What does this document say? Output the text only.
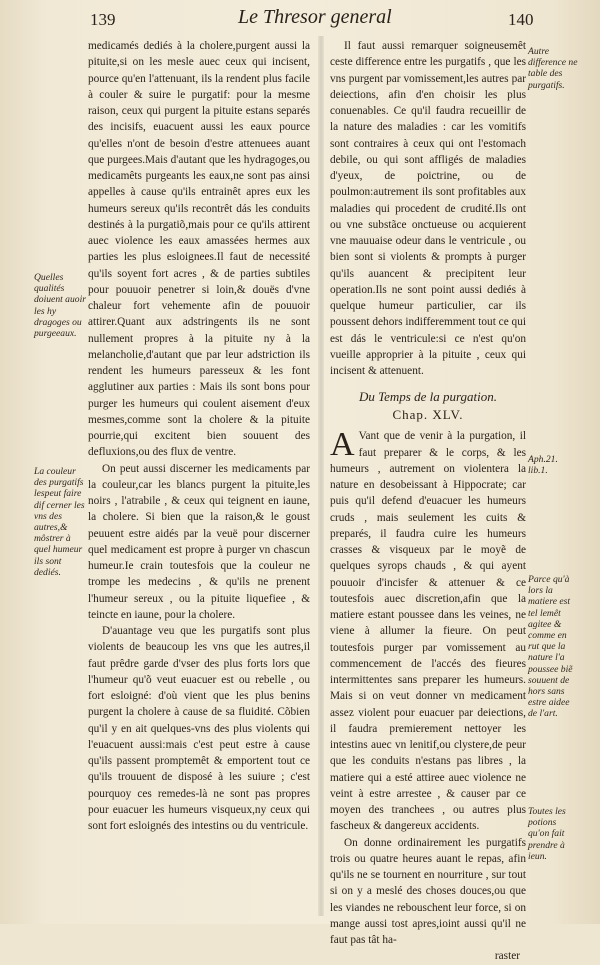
139	Le Thresor general	140

medicamés dediés à la cholere,purgent aussi la pituite,si on les mesle auec ceux qui incisent, pource qu'en l'attenuant, ils la rendent plus facile à couler & suire le purgatif: pour la mesme raison, ceux qui purgent la pituite estans separés des incisifs, euacuent aussi les eaux pource qu'elles n'ont de besoin d'estre attenuees auant que purgees.Mais d'autant que les hydragoges,ou medicamêts purgeants les eaux,ne sont pas ainsi appelles à cause qu'ils entrainêt apres eux les humeurs sereux qu'ils recontrêt dás les conduits destinés à la purgatiõ,mais pour ce qu'ils attirent auec violence les eaux amassées hermes aux parties les plus esloignees.Il faut de necessité qu'ils soyent fort acres , & de parties subtiles pour pouuoir penetrer si loin,& douës d'vne chaleur fort vehemente afin de pouuoir attirer.Quant aux adstringents ils ne sont nullement propres à la pituite ny à la melancholie,d'autant que par leur adstriction ils rendent les humeurs paresseux & les font agglutiner aux parties : Mais ils sont bons pour purger les humeurs qui coulent aisement d'eux mesmes,comme sont la cholere & la pituite pourrie,qui excitent bien souuent des defluxions,ou des flux de ventre.

On peut aussi discerner les medicaments par la couleur,car les blancs purgent la pituite,les noirs , l'atrabile , & ceux qui teignent en iaune, la cholere. Si bien que la raison,& le goust peuuent estre aidés par la veuë pour discerner quel medicament est propre à purger vn chascun humeur.Ie crain toutesfois que la couleur ne trompe les medecins , & qu'ils ne prenent l'humeur sereux , ou la pituite liquefiee , & teincte en iaune, pour la cholere.

D'auantage veu que les purgatifs sont plus violents de beaucoup les vns que les autres,il faut prêdre garde d'vser des plus forts lors que l'humeur qu'õ veut euacuer est ou rebelle , ou fort esloigné: d'où vient que les plus benins purgent la cholere à cause de sa fluidité. Cõbien qu'il y en ait quelques-vns des plus violents qui l'euacuent aussi:mais c'est peut estre à cause qu'ils passent promptemêt & emportent tout ce qu'ils trouuent de disposé à les suiure ; c'est pourquoy ces remedes-là ne sont pas propres pour euacuer les humeurs visqueux,ny ceux qui sont fort esloignés des intestins ou du ventricule.

Il faut aussi remarquer soigneusemêt ceste difference entre les purgatifs , que les vns purgent par vomissement,les autres par deiections, afin d'en choisir les plus conuenables. Ce qu'il faudra recueillir de la nature des maladies : car les vomitifs sont contraires à ceux qui ont l'estomach debile, ou qui sont affligés de maladies d'yeux, de poictrine, ou de poulmon:autrement ils sont profitables aux maladies qui procedent de crudité.Ils ont ou vne substãce onctueuse ou acquierent vne mauuaise odeur dans le ventricule , ou bien sont si violents & prompts à purger qu'ils auancent & precipitent leur operation.Ils ne sont point aussi dediés à quelque humeur particulier, car ils poussent dehors indifferemment tout ce qui est dás le ventricule:si ce n'est qu'on vueille approprier à la pituite , ceux qui incisent & attenuent.

Du Temps de la purgation.
Chap. XLV.

A Vant que de venir à la purgation, il faut preparer & le corps, & les humeurs , autrement on violentera la nature en desobeissant à Hippocrate; car puis qu'il defend d'euacuer les humeurs cruds , mais seulement les cuits & preparés, il faudra cuire les humeurs crasses & visqueux par le moyẽ de quelques syrops chauds , & qui ayent pouuoir d'incisfer & attenuer & ce toutesfois auec discretion,afin que la matiere estant poussee dans les veines, ne viene à allumer la fieure. On peut toutesfois purger par vomissement au commencement de l'accés des fieures intermittentes sans preparer les humeurs. Mais si on veut donner vn medicament assez violent pour euacuer par deiections, il faudra premierement nettoyer les intestins auec vn lenitif,ou clystere,de peur que les conduits n'estans pas libres , la matiere qui a esté attiree auec violence ne veint à estre arrestee , & causer par ce moyen des tranchees , ou autres plus fascheux & dangereux accidents.

On donne ordinairement les purgatifs trois ou quatre heures auant le repas, afin qu'ils ne se tournent en nourriture , sur tout si on y a meslé des choses douces,ou que les viandes ne rebouschent leur force, si on mange aussi tost apres,ioint aussi qu'il ne faut pas tât ha-

raster

Quelles qualités doiuent auoir les hy dragoges ou purgeeaux.
La couleur des purgatifs lespeut faire dif cerner les vns des autres,& môstrer à quel humeur ils sont dediés.
Autre difference ne table des purgatifs.
Aph.21. lib.1.
Parce qu'à lors la matiere est tel lemêt agitee & comme en rut que la nature l'a poussee biẽ souuent de hors sans estre aidee de l'art.
Toutes les potions qu'on fait prendre à ieun.
